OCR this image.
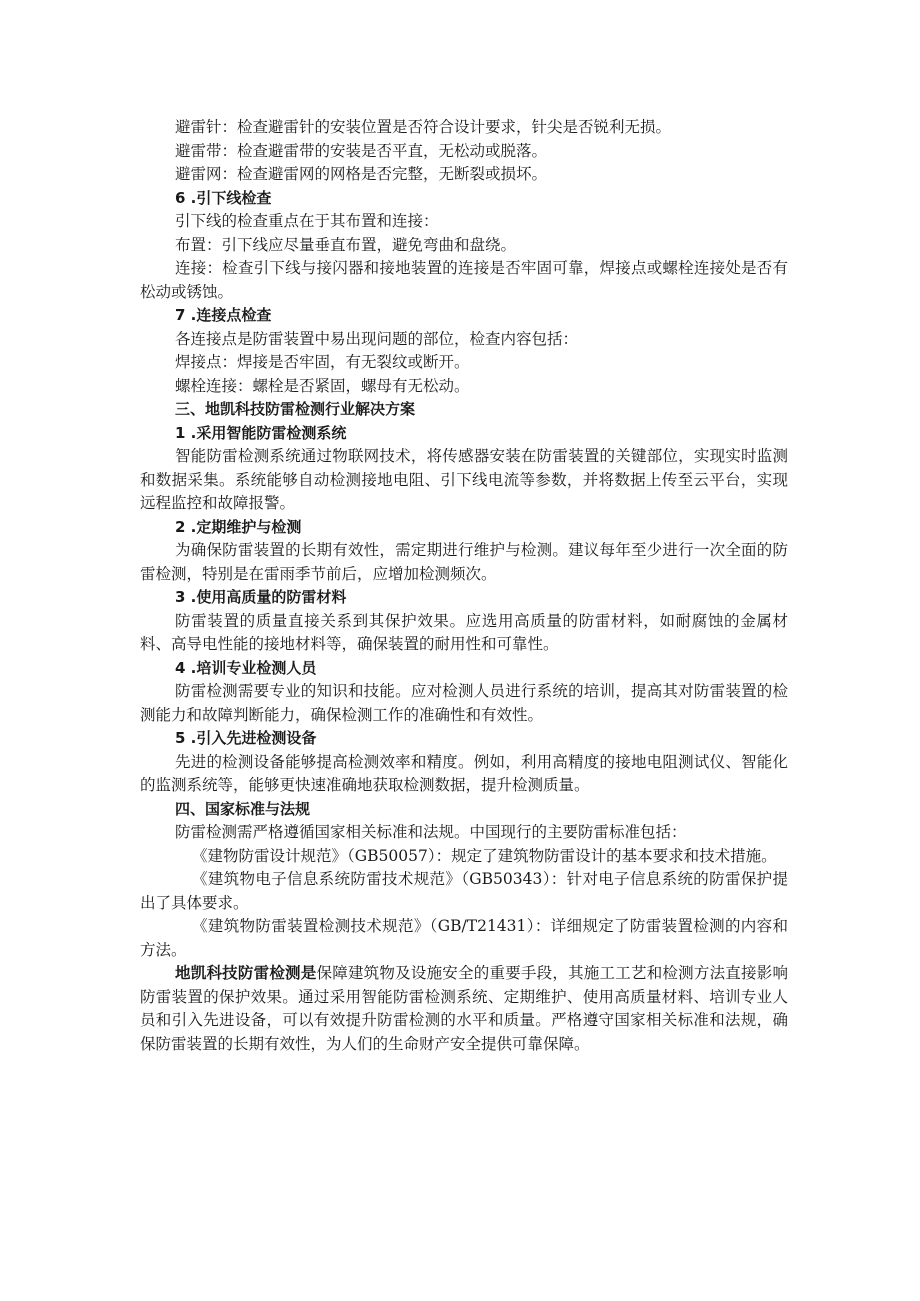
避雷针：检查避雷针的安装位置是否符合设计要求，针尖是否锐利无损。
避雷带：检查避雷带的安装是否平直，无松动或脱落。
避雷网：检查避雷网的网格是否完整，无断裂或损坏。
6 .引下线检查
引下线的检查重点在于其布置和连接：
布置：引下线应尽量垂直布置，避免弯曲和盘绕。
连接：检查引下线与接闪器和接地装置的连接是否牢固可靠，焊接点或螺栓连接处是否有松动或锈蚀。
7 .连接点检查
各连接点是防雷装置中易出现问题的部位，检查内容包括：
焊接点：焊接是否牢固，有无裂纹或断开。
螺栓连接：螺栓是否紧固，螺母有无松动。
三、地凯科技防雷检测行业解决方案
1 .采用智能防雷检测系统
智能防雷检测系统通过物联网技术，将传感器安装在防雷装置的关键部位，实现实时监测和数据采集。系统能够自动检测接地电阻、引下线电流等参数，并将数据上传至云平台，实现远程监控和故障报警。
2 .定期维护与检测
为确保防雷装置的长期有效性，需定期进行维护与检测。建议每年至少进行一次全面的防雷检测，特别是在雷雨季节前后，应增加检测频次。
3 .使用高质量的防雷材料
防雷装置的质量直接关系到其保护效果。应选用高质量的防雷材料，如耐腐蚀的金属材料、高导电性能的接地材料等，确保装置的耐用性和可靠性。
4 .培训专业检测人员
防雷检测需要专业的知识和技能。应对检测人员进行系统的培训，提高其对防雷装置的检测能力和故障判断能力，确保检测工作的准确性和有效性。
5 .引入先进检测设备
先进的检测设备能够提高检测效率和精度。例如，利用高精度的接地电阻测试仪、智能化的监测系统等，能够更快速准确地获取检测数据，提升检测质量。
四、国家标准与法规
防雷检测需严格遵循国家相关标准和法规。中国现行的主要防雷标准包括：
《建物防雷设计规范》（GB50057）：规定了建筑物防雷设计的基本要求和技术措施。
《建筑物电子信息系统防雷技术规范》（GB50343）：针对电子信息系统的防雷保护提出了具体要求。
《建筑物防雷装置检测技术规范》（GB/T21431）：详细规定了防雷装置检测的内容和方法。
地凯科技防雷检测是保障建筑物及设施安全的重要手段，其施工工艺和检测方法直接影响防雷装置的保护效果。通过采用智能防雷检测系统、定期维护、使用高质量材料、培训专业人员和引入先进设备，可以有效提升防雷检测的水平和质量。严格遵守国家相关标准和法规，确保防雷装置的长期有效性，为人们的生命财产安全提供可靠保障。
